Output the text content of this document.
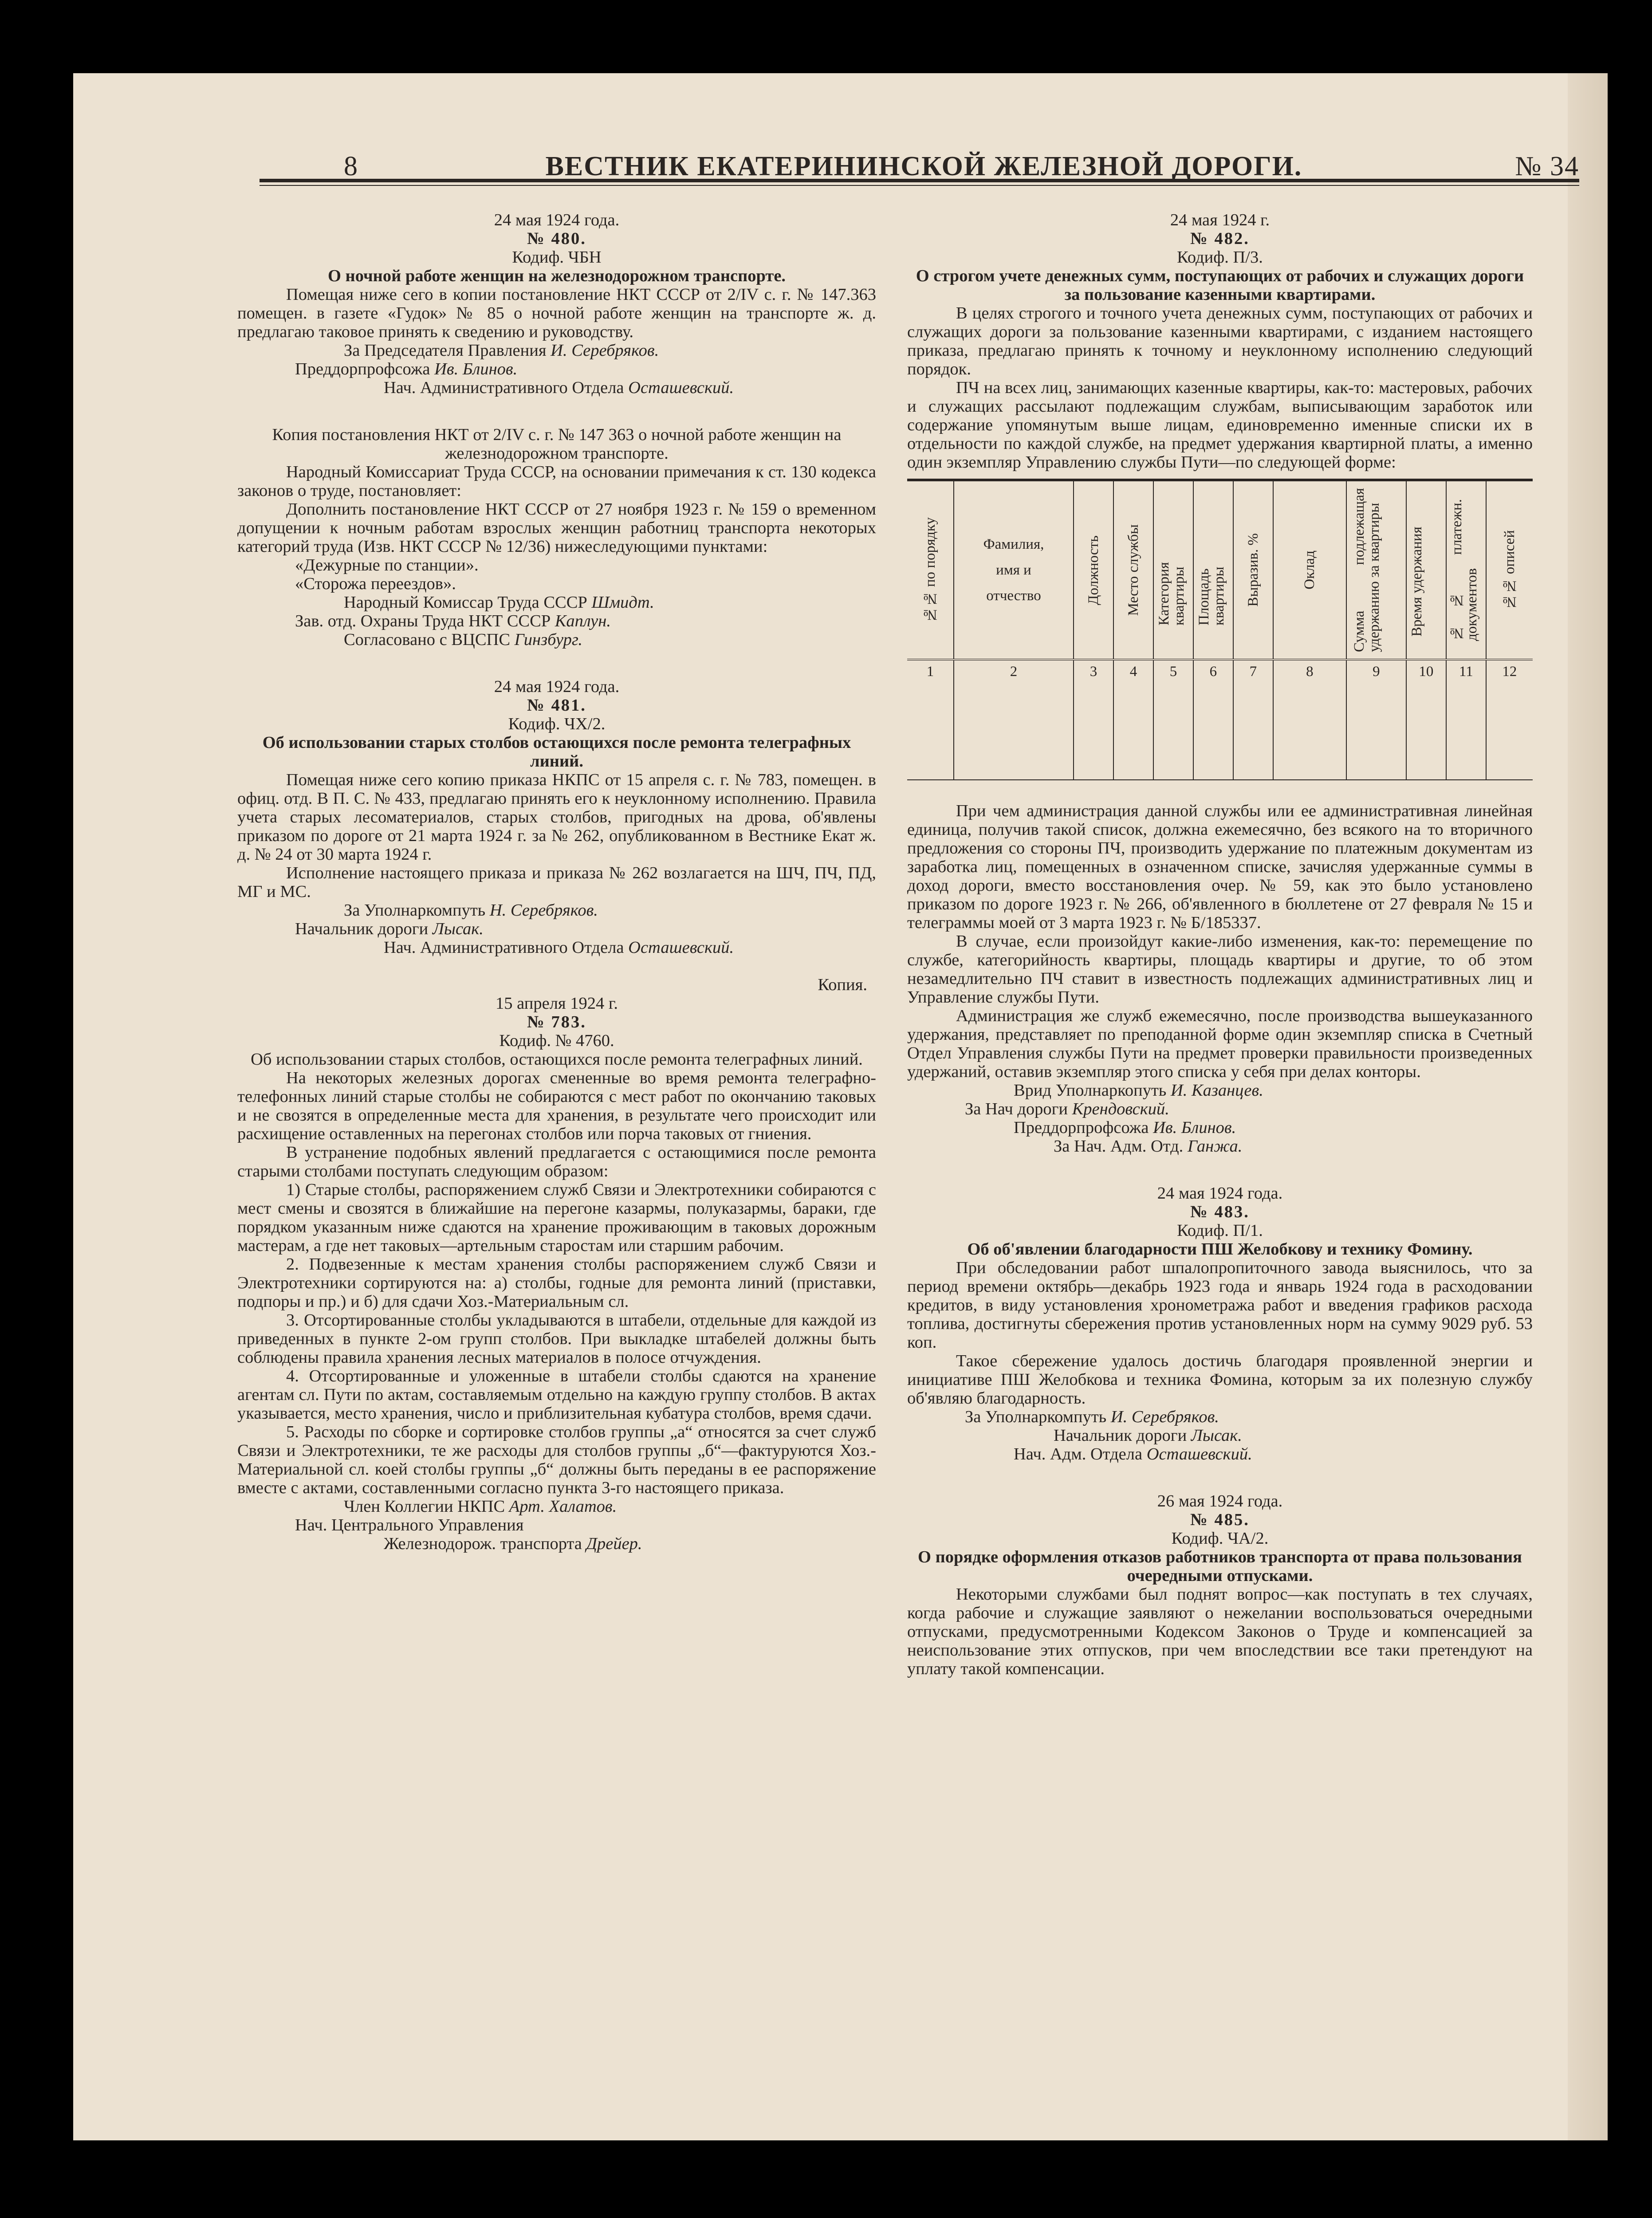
8	ВЕСТНИК ЕКАТЕРИНИНСКОЙ ЖЕЛЕЗНОЙ ДОРОГИ.	№ 34
24 мая 1924 года.
№ 480.
Кодиф. ЧБН

О ночной работе женщин на железнодорожном транспорте.

Помещая ниже сего в копии постановление НКТ СССР от 2/IV с. г. № 147.363 помещен. в газете «Гудок» № 85 о ночной работе женщин на транспорте ж. д. предлагаю таковое принять к сведению и руководству.

За Председателя Правления И. Серебряков.

Преддорпрофсожа Ив. Блинов.

Нач. Административного Отдела Осташевский.

Копия постановления НКТ от 2/IV с. г. № 147 363 о ночной работе женщин на железнодорожном транспорте.

Народный Комиссариат Труда СССР, на основании примечания к ст. 130 кодекса законов о труде, постановляет:

Дополнить постановление НКТ СССР от 27 ноября 1923 г. № 159 о временном допущении к ночным работам взрослых женщин работниц транспорта некоторых категорий труда (Изв. НКТ СССР № 12/36) нижеследующими пунктами:

«Дежурные по станции».

«Сторожа переездов».

Народный Комиссар Труда СССР Шмидт.

Зав. отд. Охраны Труда НКТ СССР Каплун.

Согласовано с ВЦСПС Гинзбург.

24 мая 1924 года.
№ 481.
Кодиф. ЧХ/2.

Об использовании старых столбов остающихся после ремонта телеграфных линий.

Помещая ниже сего копию приказа НКПС от 15 апреля с. г. № 783, помещен. в офиц. отд. В П. С. № 433, предлагаю принять его к неуклонному исполнению. Правила учета старых лесоматериалов, старых столбов, пригодных на дрова, об'явлены приказом по дороге от 21 марта 1924 г. за № 262, опубликованном в Вестнике Екат ж. д. № 24 от 30 марта 1924 г.

Исполнение настоящего приказа и приказа № 262 возлагается на ШЧ, ПЧ, ПД, МГ и МС.

За Уполнаркомпуть Н. Серебряков.

Начальник дороги Лысак.

Нач. Административного Отдела Осташевский.

Копия.

15 апреля 1924 г.
№ 783.
Кодиф. № 4760.

Об использовании старых столбов, остающихся после ремонта телеграфных линий.

На некоторых железных дорогах смененные во время ремонта телеграфно-телефонных линий старые столбы не собираются с мест работ по окончанию таковых и не свозятся в определенные места для хранения, в результате чего происходит или расхищение оставленных на перегонах столбов или порча таковых от гниения.

В устранение подобных явлений предлагается с остающимися после ремонта старыми столбами поступать следующим образом:

1) Старые столбы, распоряжением служб Связи и Электротехники собираются с мест смены и свозятся в ближайшие на перегоне казармы, полуказармы, бараки, где порядком указанным ниже сдаются на хранение проживающим в таковых дорожным мастерам, а где нет таковых—артельным старостам или старшим рабочим.

2. Подвезенные к местам хранения столбы распоряжением служб Связи и Электротехники сортируются на: а) столбы, годные для ремонта линий (приставки, подпоры и пр.) и б) для сдачи Хоз.-Материальным сл.

3. Отсортированные столбы укладываются в штабели, отдельные для каждой из приведенных в пункте 2-ом групп столбов. При выкладке штабелей должны быть соблюдены правила хранения лесных материалов в полосе отчуждения.

4. Отсортированные и уложенные в штабели столбы сдаются на хранение агентам сл. Пути по актам, составляемым отдельно на каждую группу столбов. В актах указывается, место хранения, число и приблизительная кубатура столбов, время сдачи.

5. Расходы по сборке и сортировке столбов группы „а“ относятся за счет служб Связи и Электротехники, те же расходы для столбов группы „б“—фактуруются Хоз.-Материальной сл. коей столбы группы „б“ должны быть переданы в ее распоряжение вместе с актами, составленными согласно пункта 3-го настоящего приказа.

Член Коллегии НКПС Арт. Халатов.

Нач. Центрального Управления

Железнодорож. транспорта Дрейер.

24 мая 1924 г.
№ 482.
Кодиф. П/3.

О строгом учете денежных сумм, поступающих от рабочих и служащих дороги за пользование казенными квартирами.

В целях строгого и точного учета денежных сумм, поступающих от рабочих и служащих дороги за пользование казенными квартирами, с изданием настоящего приказа, предлагаю принять к точному и неуклонному исполнению следующий порядок.

ПЧ на всех лиц, занимающих казенные квартиры, как-то: мастеровых, рабочих и служащих рассылают подлежащим службам, выписывающим заработок или содержание упомянутым выше лицам, единовременно именные списки их в отдельности по каждой службе, на предмет удержания квартирной платы, а именно один экземпляр Управлению службы Пути—по следующей форме:

№№ по порядку	Фамилия, имя и отчество	Должность	Место службы	Категория квартиры	Площадь квартиры	Выразив. %	Оклад	Сумма подлежащая удержанию за квартиры	Время удержания	№№ платежн. документов	№№ описей

1	2	3	4	5	6	7	8	9	10	11	12

При чем администрация данной службы или ее административная линейная единица, получив такой список, должна ежемесячно, без всякого на то вторичного предложения со стороны ПЧ, производить удержание по платежным документам из заработка лиц, помещенных в означенном списке, зачисляя удержанные суммы в доход дороги, вместо восстановления очер. № 59, как это было установлено приказом по дороге 1923 г. № 266, об'явленного в бюллетене от 27 февраля № 15 и телеграммы моей от 3 марта 1923 г. № Б/185337.

В случае, если произойдут какие-либо изменения, как-то: перемещение по службе, категорийность квартиры, площадь квартиры и другие, то об этом незамедлительно ПЧ ставит в известность подлежащих административных лиц и Управление службы Пути.

Администрация же служб ежемесячно, после производства вышеуказанного удержания, представляет по преподанной форме один экземпляр списка в Счетный Отдел Управления службы Пути на предмет проверки правильности произведенных удержаний, оставив экземпляр этого списка у себя при делах конторы.

Врид Уполнаркопуть И. Казанцев.

За Нач дороги Крендовский.

Преддорпрофсожа Ив. Блинов.

За Нач. Адм. Отд. Ганжа.

24 мая 1924 года.
№ 483.
Кодиф. П/1.

Об об'явлении благодарности ПШ Желобкову и технику Фомину.

При обследовании работ шпалопропиточного завода выяснилось, что за период времени октябрь—декабрь 1923 года и январь 1924 года в расходовании кредитов, в виду установления хронометража работ и введения графиков расхода топлива, достигнуты сбережения против установленных норм на сумму 9029 руб. 53 коп.

Такое сбережение удалось достичь благодаря проявленной энергии и инициативе ПШ Желобкова и техника Фомина, которым за их полезную службу об'являю благодарность.

За Уполнаркомпуть И. Серебряков.

Начальник дороги Лысак.

Нач. Адм. Отдела Осташевский.

26 мая 1924 года.
№ 485.
Кодиф. ЧА/2.

О порядке оформления отказов работников транспорта от права пользования очередными отпусками.

Некоторыми службами был поднят вопрос—как поступать в тех случаях, когда рабочие и служащие заявляют о нежелании воспользоваться очередными отпусками, предусмотренными Кодексом Законов о Труде и компенсацией за неиспользование этих отпусков, при чем впоследствии все таки претендуют на уплату такой компенсации.
